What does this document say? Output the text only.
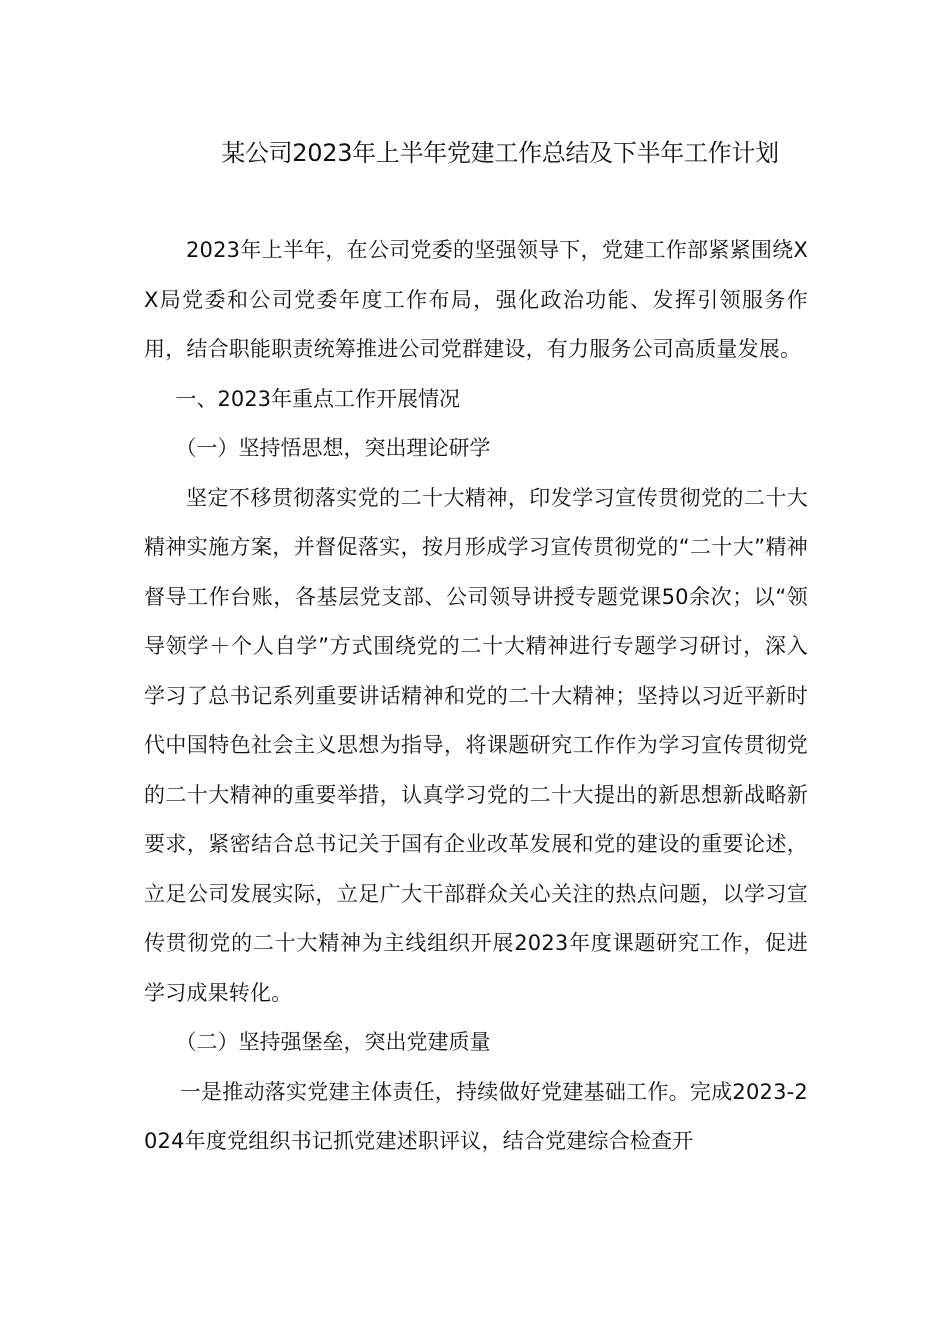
某公司2023年上半年党建工作总结及下半年工作计划

2023年上半年，在公司党委的坚强领导下，党建工作部紧紧围绕XX局党委和公司党委年度工作布局，强化政治功能、发挥引领服务作用，结合职能职责统筹推进公司党群建设，有力服务公司高质量发展。

一、2023年重点工作开展情况

（一）坚持悟思想，突出理论研学

坚定不移贯彻落实党的二十大精神，印发学习宣传贯彻党的二十大精神实施方案，并督促落实，按月形成学习宣传贯彻党的“二十大”精神督导工作台账，各基层党支部、公司领导讲授专题党课50余次；以“领导领学＋个人自学”方式围绕党的二十大精神进行专题学习研讨，深入学习了总书记系列重要讲话精神和党的二十大精神；坚持以习近平新时代中国特色社会主义思想为指导，将课题研究工作作为学习宣传贯彻党的二十大精神的重要举措，认真学习党的二十大提出的新思想新战略新要求，紧密结合总书记关于国有企业改革发展和党的建设的重要论述，立足公司发展实际，立足广大干部群众关心关注的热点问题，以学习宣传贯彻党的二十大精神为主线组织开展2023年度课题研究工作，促进学习成果转化。

（二）坚持强堡垒，突出党建质量

一是推动落实党建主体责任，持续做好党建基础工作。完成2023-2024年度党组织书记抓党建述职评议，结合党建综合检查开
